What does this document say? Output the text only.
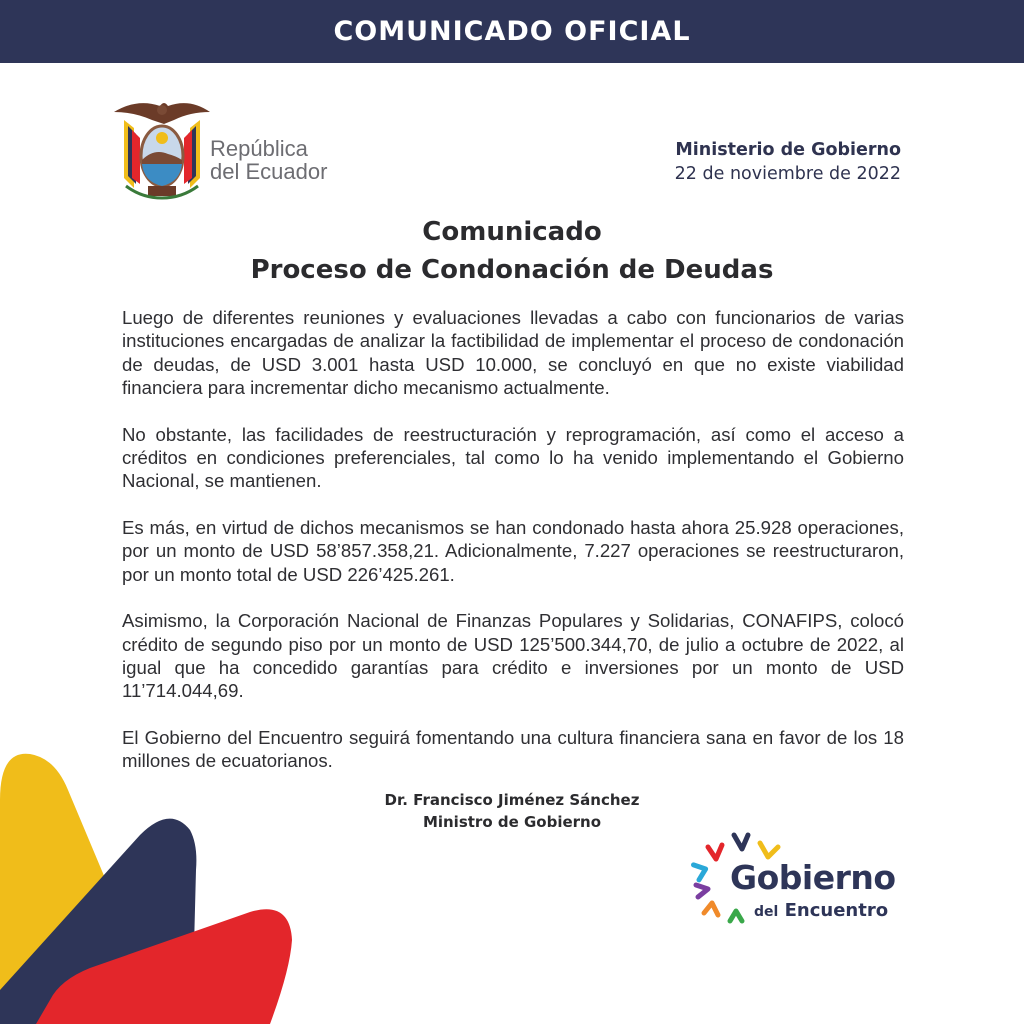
COMUNICADO OFICIAL
República
del Ecuador
Ministerio de Gobierno
22 de noviembre de 2022
Comunicado
Proceso de Condonación de Deudas

Luego de diferentes reuniones y evaluaciones llevadas a cabo con funcionarios de varias instituciones encargadas de analizar la factibilidad de implementar el proceso de condonación de deudas, de USD 3.001 hasta USD 10.000, se concluyó en que no existe viabilidad financiera para incrementar dicho mecanismo actualmente.

No obstante, las facilidades de reestructuración y reprogramación, así como el acceso a créditos en condiciones preferenciales, tal como lo ha venido implementando el Gobierno Nacional, se mantienen.

Es más, en virtud de dichos mecanismos se han condonado hasta ahora 25.928 operaciones, por un monto de USD 58’857.358,21. Adicionalmente, 7.227 operaciones se reestructuraron, por un monto total de USD 226’425.261.

Asimismo, la Corporación Nacional de Finanzas Populares y Solidarias, CONAFIPS, colocó crédito de segundo piso por un monto de USD 125’500.344,70, de julio a octubre de 2022, al igual que ha concedido garantías para crédito e inversiones por un monto de USD 11’714.044,69.

El Gobierno del Encuentro seguirá fomentando una cultura financiera sana en favor de los 18 millones de ecuatorianos.

Dr. Francisco Jiménez Sánchez
Ministro de Gobierno
Gobierno
del Encuentro
